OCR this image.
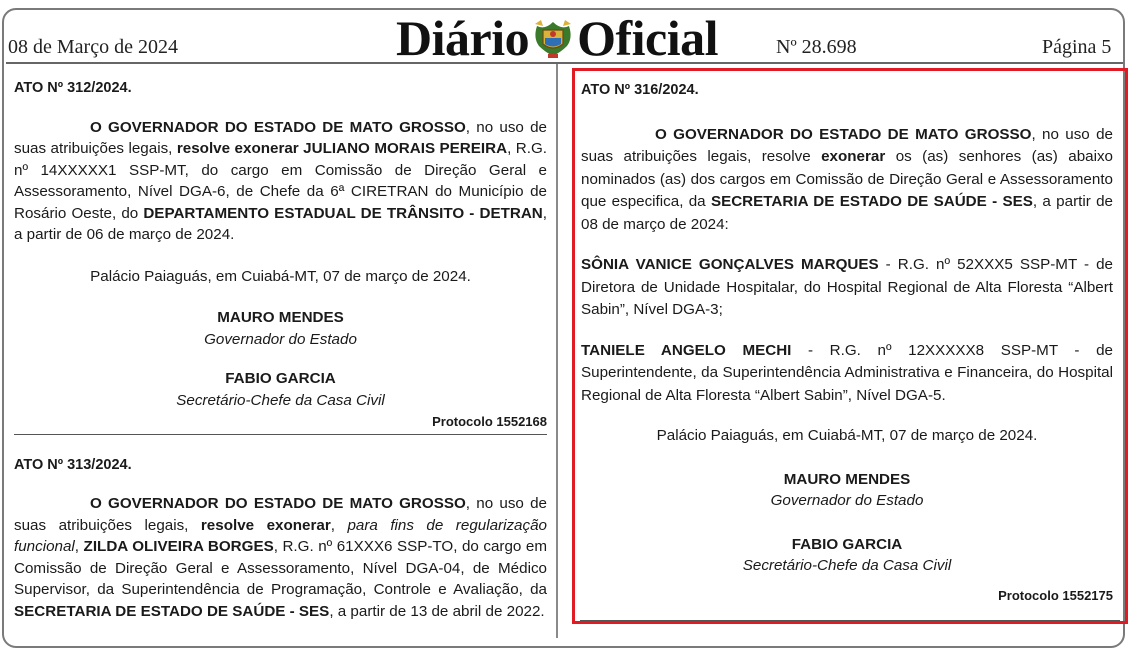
08 de Março de 2024	Diário Oficial	Nº 28.698	Página 5

ATO Nº 312/2024.

O GOVERNADOR DO ESTADO DE MATO GROSSO, no uso de suas atribuições legais, resolve exonerar JULIANO MORAIS PEREIRA, R.G. nº 14XXXXX1 SSP-MT, do cargo em Comissão de Direção Geral e Assessoramento, Nível DGA-6, de Chefe da 6ª CIRETRAN do Município de Rosário Oeste, do DEPARTAMENTO ESTADUAL DE TRÂNSITO - DETRAN, a partir de 06 de março de 2024.

Palácio Paiaguás, em Cuiabá-MT, 07 de março de 2024.

MAURO MENDES

Governador do Estado

FABIO GARCIA

Secretário-Chefe da Casa Civil

Protocolo 1552168

ATO Nº 313/2024.

O GOVERNADOR DO ESTADO DE MATO GROSSO, no uso de suas atribuições legais, resolve exonerar, para fins de regularização funcional, ZILDA OLIVEIRA BORGES, R.G. nº 61XXX6 SSP-TO, do cargo em Comissão de Direção Geral e Assessoramento, Nível DGA-04, de Médico Supervisor, da Superintendência de Programação, Controle e Avaliação, da SECRETARIA DE ESTADO DE SAÚDE - SES, a partir de 13 de abril de 2022.

ATO Nº 316/2024.

O GOVERNADOR DO ESTADO DE MATO GROSSO, no uso de suas atribuições legais, resolve exonerar os (as) senhores (as) abaixo nominados (as) dos cargos em Comissão de Direção Geral e Assessoramento que especifica, da SECRETARIA DE ESTADO DE SAÚDE - SES, a partir de 08 de março de 2024:

SÔNIA VANICE GONÇALVES MARQUES - R.G. nº 52XXX5 SSP-MT - de Diretora de Unidade Hospitalar, do Hospital Regional de Alta Floresta “Albert Sabin”, Nível DGA-3;

TANIELE ANGELO MECHI - R.G. nº 12XXXXX8 SSP-MT - de Superintendente, da Superintendência Administrativa e Financeira, do Hospital Regional de Alta Floresta “Albert Sabin”, Nível DGA-5.

Palácio Paiaguás, em Cuiabá-MT, 07 de março de 2024.

MAURO MENDES

Governador do Estado

FABIO GARCIA

Secretário-Chefe da Casa Civil

Protocolo 1552175
